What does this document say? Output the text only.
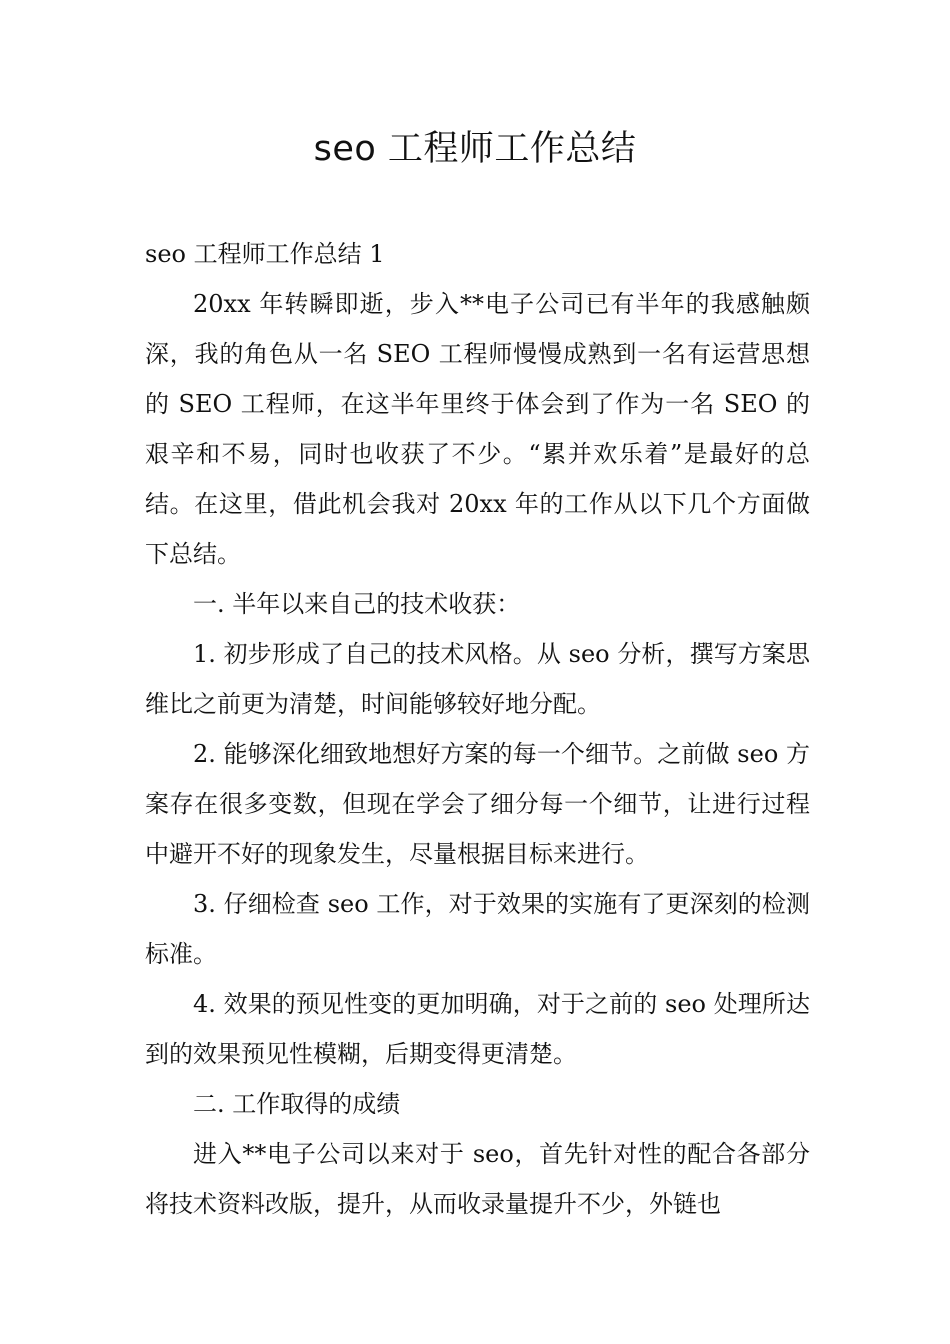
seo 工程师工作总结

seo 工程师工作总结 1

20xx 年转瞬即逝，步入**电子公司已有半年的我感触颇深，我的角色从一名 SEO 工程师慢慢成熟到一名有运营思想的 SEO 工程师，在这半年里终于体会到了作为一名 SEO 的艰辛和不易，同时也收获了不少。“累并欢乐着”是最好的总结。在这里，借此机会我对 20xx 年的工作从以下几个方面做下总结。

一. 半年以来自己的技术收获：

1. 初步形成了自己的技术风格。从 seo 分析，撰写方案思维比之前更为清楚，时间能够较好地分配。

2. 能够深化细致地想好方案的每一个细节。之前做 seo 方案存在很多变数，但现在学会了细分每一个细节，让进行过程中避开不好的现象发生，尽量根据目标来进行。

3. 仔细检查 seo 工作，对于效果的实施有了更深刻的检测标准。

4. 效果的预见性变的更加明确，对于之前的 seo 处理所达到的效果预见性模糊，后期变得更清楚。

二. 工作取得的成绩

进入**电子公司以来对于 seo，首先针对性的配合各部分将技术资料改版，提升，从而收录量提升不少，外链也
